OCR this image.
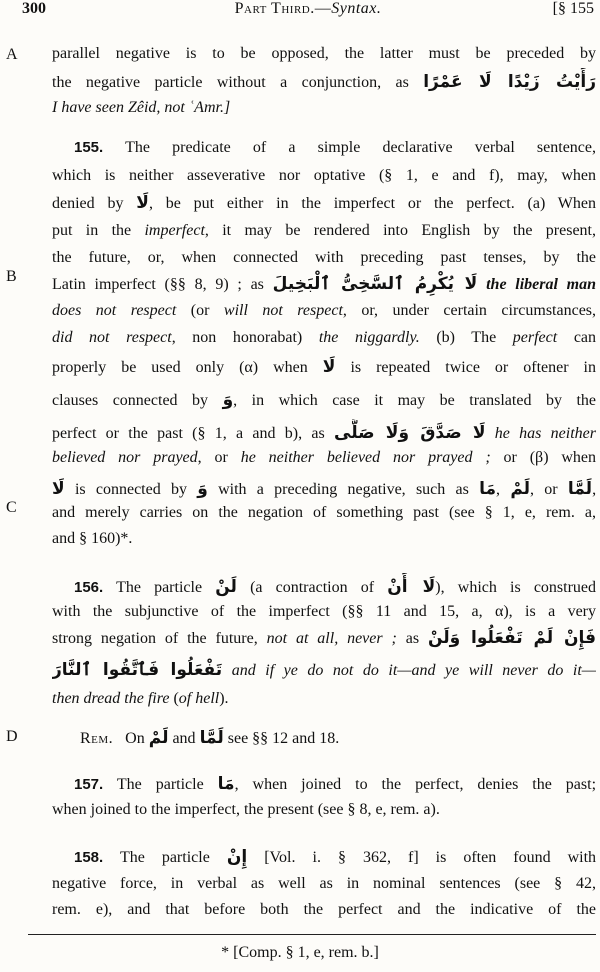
300	Part Third.—Syntax.	[§ 155
A
B
C
D
parallel negative is to be opposed, the latter must be preceded by
the negative particle without a conjunction, as رَأَيْتُ زَيْدًا لَا عَمْرًا
I have seen Zêid, not ʿAmr.]
155. The predicate of a simple declarative verbal sentence,
which is neither asseverative nor optative (§ 1, e and f), may, when
denied by لَا, be put either in the imperfect or the perfect. (a) When
put in the imperfect, it may be rendered into English by the present,
the future, or, when connected with preceding past tenses, by the
Latin imperfect (§§ 8, 9) ; as لَا يُكْرِمُ ٱلسَّخِىُّ ٱلْبَخِيلَ the liberal man
does not respect (or will not respect, or, under certain circumstances,
did not respect, non honorabat) the niggardly. (b) The perfect can
properly be used only (α) when لَا is repeated twice or oftener in
clauses connected by وَ, in which case it may be translated by the
perfect or the past (§ 1, a and b), as لَا صَدَّقَ وَلَا صَلَّى he has neither
believed nor prayed, or he neither believed nor prayed ; or (β) when
لَا is connected by وَ with a preceding negative, such as مَا, لَمْ, or لَمَّا,
and merely carries on the negation of something past (see § 1, e, rem. a,
and § 160)*.
156. The particle لَنْ (a contraction of لَا أَنْ), which is construed
with the subjunctive of the imperfect (§§ 11 and 15, a, α), is a very
strong negation of the future, not at all, never ; as فَإِنْ لَمْ تَفْعَلُوا وَلَنْ
تَفْعَلُوا فَٱتَّقُوا ٱلنَّارَ and if ye do not do it—and ye will never do it—
then dread the fire (of hell).
Rem. On لَمْ and لَمَّا see §§ 12 and 18.
157. The particle مَا, when joined to the perfect, denies the past;
when joined to the imperfect, the present (see § 8, e, rem. a).
158. The particle إِنْ [Vol. i. § 362, f] is often found with
negative force, in verbal as well as in nominal sentences (see § 42,
rem. e), and that before both the perfect and the indicative of the
* [Comp. § 1, e, rem. b.]
